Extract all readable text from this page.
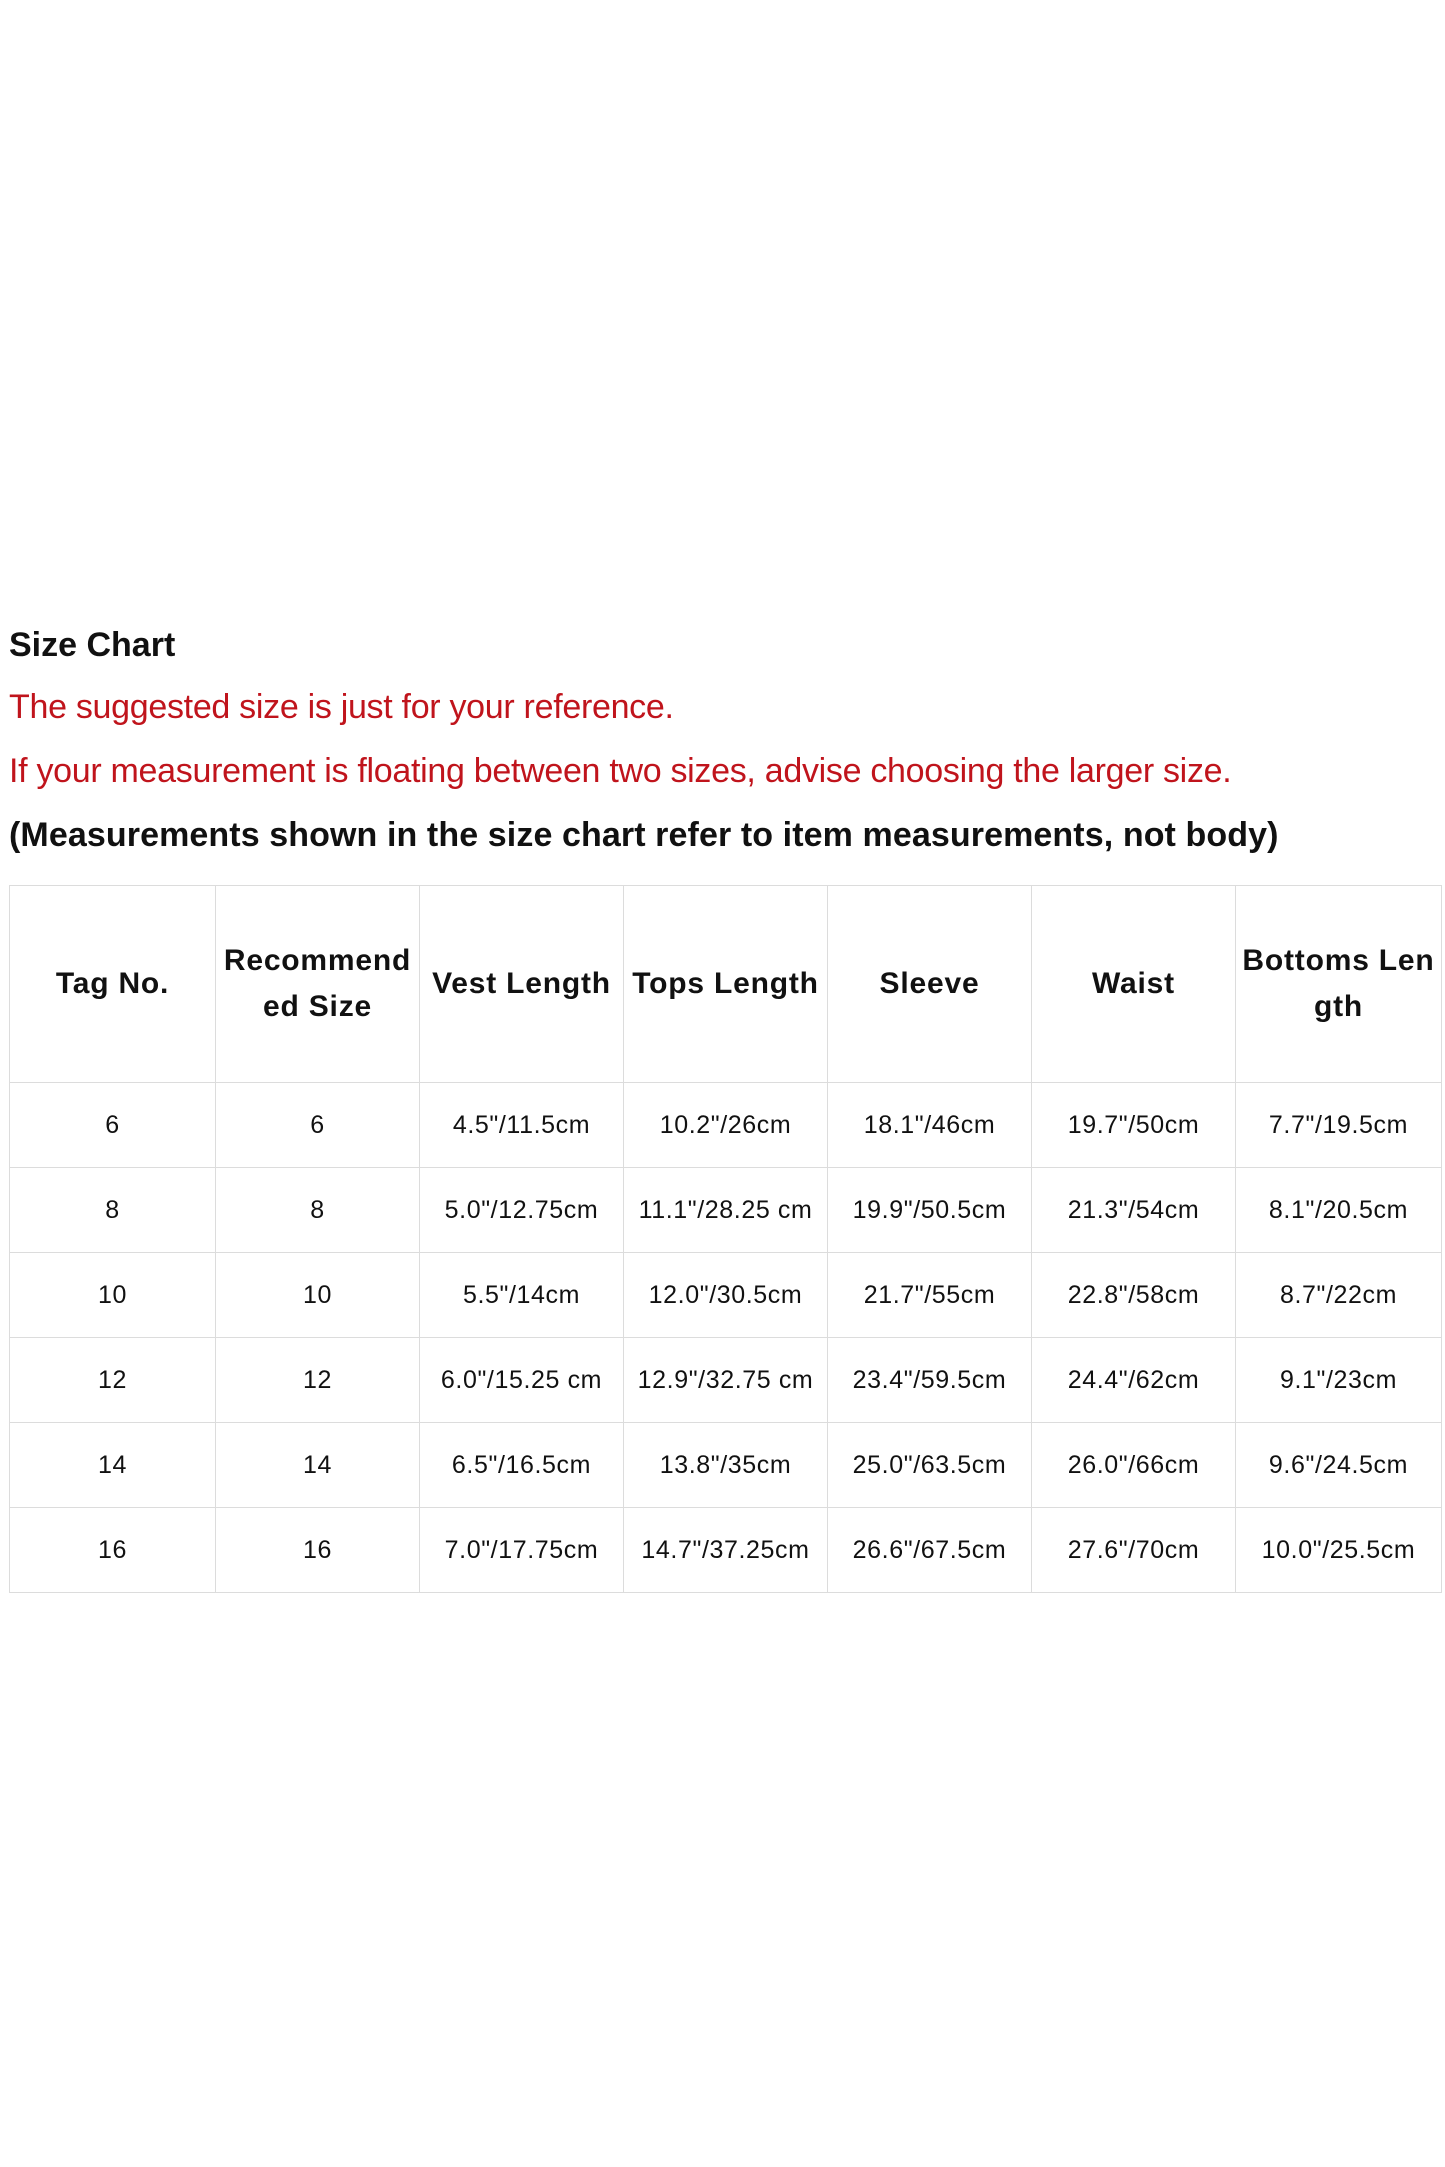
Size Chart
The suggested size is just for your reference.
If your measurement is floating between two sizes, advise choosing the larger size.
(Measurements shown in the size chart refer to item measurements, not body)
Tag No.	Recommended Size	Vest Length	Tops Length	Sleeve	Waist	Bottoms Length

6	6	4.5"/11.5cm	10.2"/26cm	18.1"/46cm	19.7"/50cm	7.7"/19.5cm
8	8	5.0"/12.75cm	11.1"/28.25 cm	19.9"/50.5cm	21.3"/54cm	8.1"/20.5cm
10	10	5.5"/14cm	12.0"/30.5cm	21.7"/55cm	22.8"/58cm	8.7"/22cm
12	12	6.0"/15.25 cm	12.9"/32.75 cm	23.4"/59.5cm	24.4"/62cm	9.1"/23cm
14	14	6.5"/16.5cm	13.8"/35cm	25.0"/63.5cm	26.0"/66cm	9.6"/24.5cm
16	16	7.0"/17.75cm	14.7"/37.25cm	26.6"/67.5cm	27.6"/70cm	10.0"/25.5cm
